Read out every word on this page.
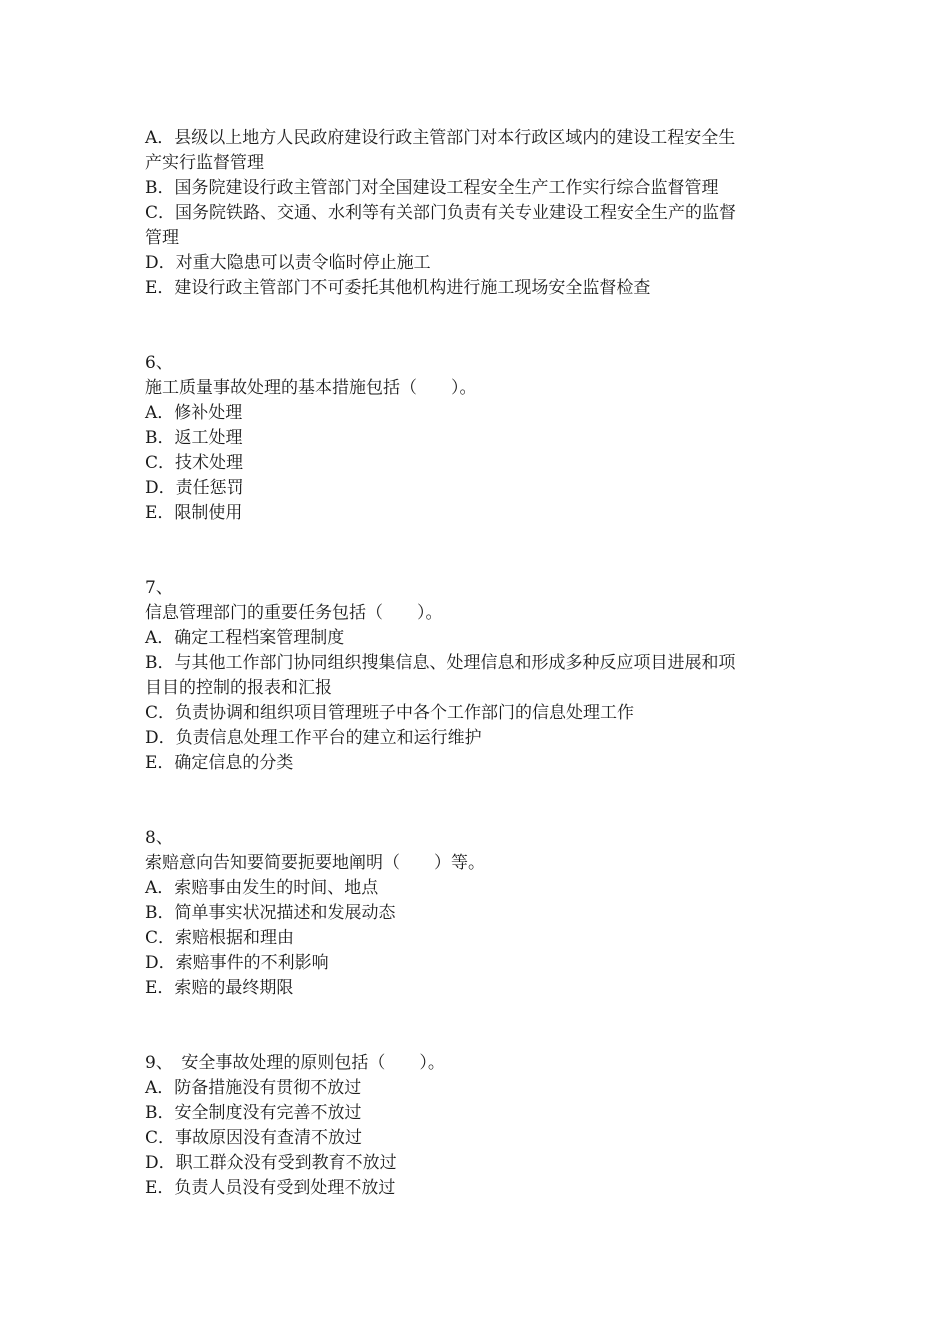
A．县级以上地方人民政府建设行政主管部门对本行政区域内的建设工程安全生

产实行监督管理

B．国务院建设行政主管部门对全国建设工程安全生产工作实行综合监督管理

C．国务院铁路、交通、水利等有关部门负责有关专业建设工程安全生产的监督

管理

D．对重大隐患可以责令临时停止施工

E．建设行政主管部门不可委托其他机构进行施工现场安全监督检查

6、

施工质量事故处理的基本措施包括（　　）。

A．修补处理

B．返工处理

C．技术处理

D．责任惩罚

E．限制使用

7、

信息管理部门的重要任务包括（　　）。

A．确定工程档案管理制度

B．与其他工作部门协同组织搜集信息、处理信息和形成多种反应项目进展和项

目目的控制的报表和汇报

C．负责协调和组织项目管理班子中各个工作部门的信息处理工作

D．负责信息处理工作平台的建立和运行维护

E．确定信息的分类

8、

索赔意向告知要简要扼要地阐明（　　）等。

A．索赔事由发生的时间、地点

B．简单事实状况描述和发展动态

C．索赔根据和理由

D．索赔事件的不利影响

E．索赔的最终期限

9、　安全事故处理的原则包括（　　）。

A．防备措施没有贯彻不放过

B．安全制度没有完善不放过

C．事故原因没有查清不放过

D．职工群众没有受到教育不放过

E．负责人员没有受到处理不放过
